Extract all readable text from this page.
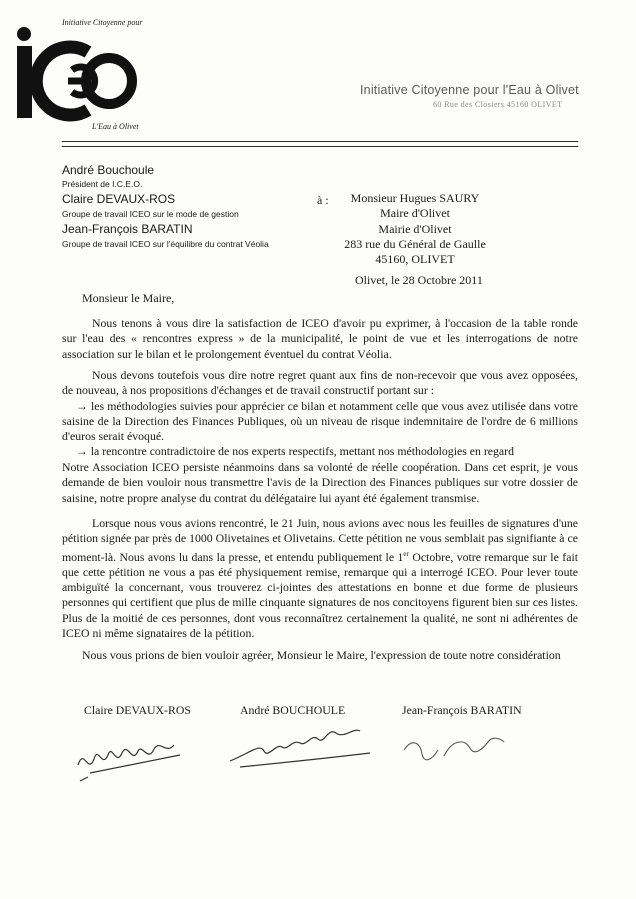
Initiative Citoyenne pour
L'Eau à Olivet
Initiative Citoyenne pour l'Eau à Olivet
60 Rue des Closiers 45160 OLIVET
André Bouchoule
Président de I.C.E.O.
Claire DEVAUX-ROS
Groupe de travail ICEO sur le mode de gestion
Jean-François BARATIN
Groupe de travail ICEO sur l'équilibre du contrat Véolia
à :	Monsieur Hugues SAURY
Maire d'Olivet
Mairie d'Olivet
283 rue du Général de Gaulle
45160, OLIVET
Olivet, le 28 Octobre 2011
Monsieur le Maire,
Nous tenons à vous dire la satisfaction de ICEO d'avoir pu exprimer, à l'occasion de la table ronde
sur l'eau des « rencontres express » de la municipalité, le point de vue et les interrogations de notre
association sur le bilan et le prolongement éventuel du contrat Véolia.
Nous devons toutefois vous dire notre regret quant aux fins de non-recevoir que vous avez opposées,
de nouveau, à nos propositions d'échanges et de travail constructif portant sur :
→ les méthodologies suivies pour apprécier ce bilan et notamment celle que vous avez utilisée dans votre
saisine de la Direction des Finances Publiques, où un niveau de risque indemnitaire de l'ordre de 6 millions
d'euros serait évoqué.
→ la rencontre contradictoire de nos experts respectifs, mettant nos méthodologies en regard
Notre Association ICEO persiste néanmoins dans sa volonté de réelle coopération. Dans cet esprit, je vous
demande de bien vouloir nous transmettre l'avis de la Direction des Finances publiques sur votre dossier de
saisine, notre propre analyse du contrat du délégataire lui ayant été également transmise.
Lorsque nous vous avions rencontré, le 21 Juin, nous avions avec nous les feuilles de signatures d'une
pétition signée par près de 1000 Olivetaines et Olivetains. Cette pétition ne vous semblait pas signifiante à ce
moment-là. Nous avons lu dans la presse, et entendu publiquement le 1er Octobre, votre remarque sur le fait
que cette pétition ne vous a pas été physiquement remise, remarque qui a interrogé ICEO. Pour lever toute
ambiguïté la concernant, vous trouverez ci-jointes des attestations en bonne et due forme de plusieurs
personnes qui certifient que plus de mille cinquante signatures de nos concitoyens figurent bien sur ces listes.
Plus de la moitié de ces personnes, dont vous reconnaîtrez certainement la qualité, ne sont ni adhérentes de
ICEO ni même signataires de la pétition.
Nous vous prions de bien vouloir agréer, Monsieur le Maire, l'expression de toute notre considération
Claire DEVAUX-ROS	André BOUCHOULE	Jean-François BARATIN
